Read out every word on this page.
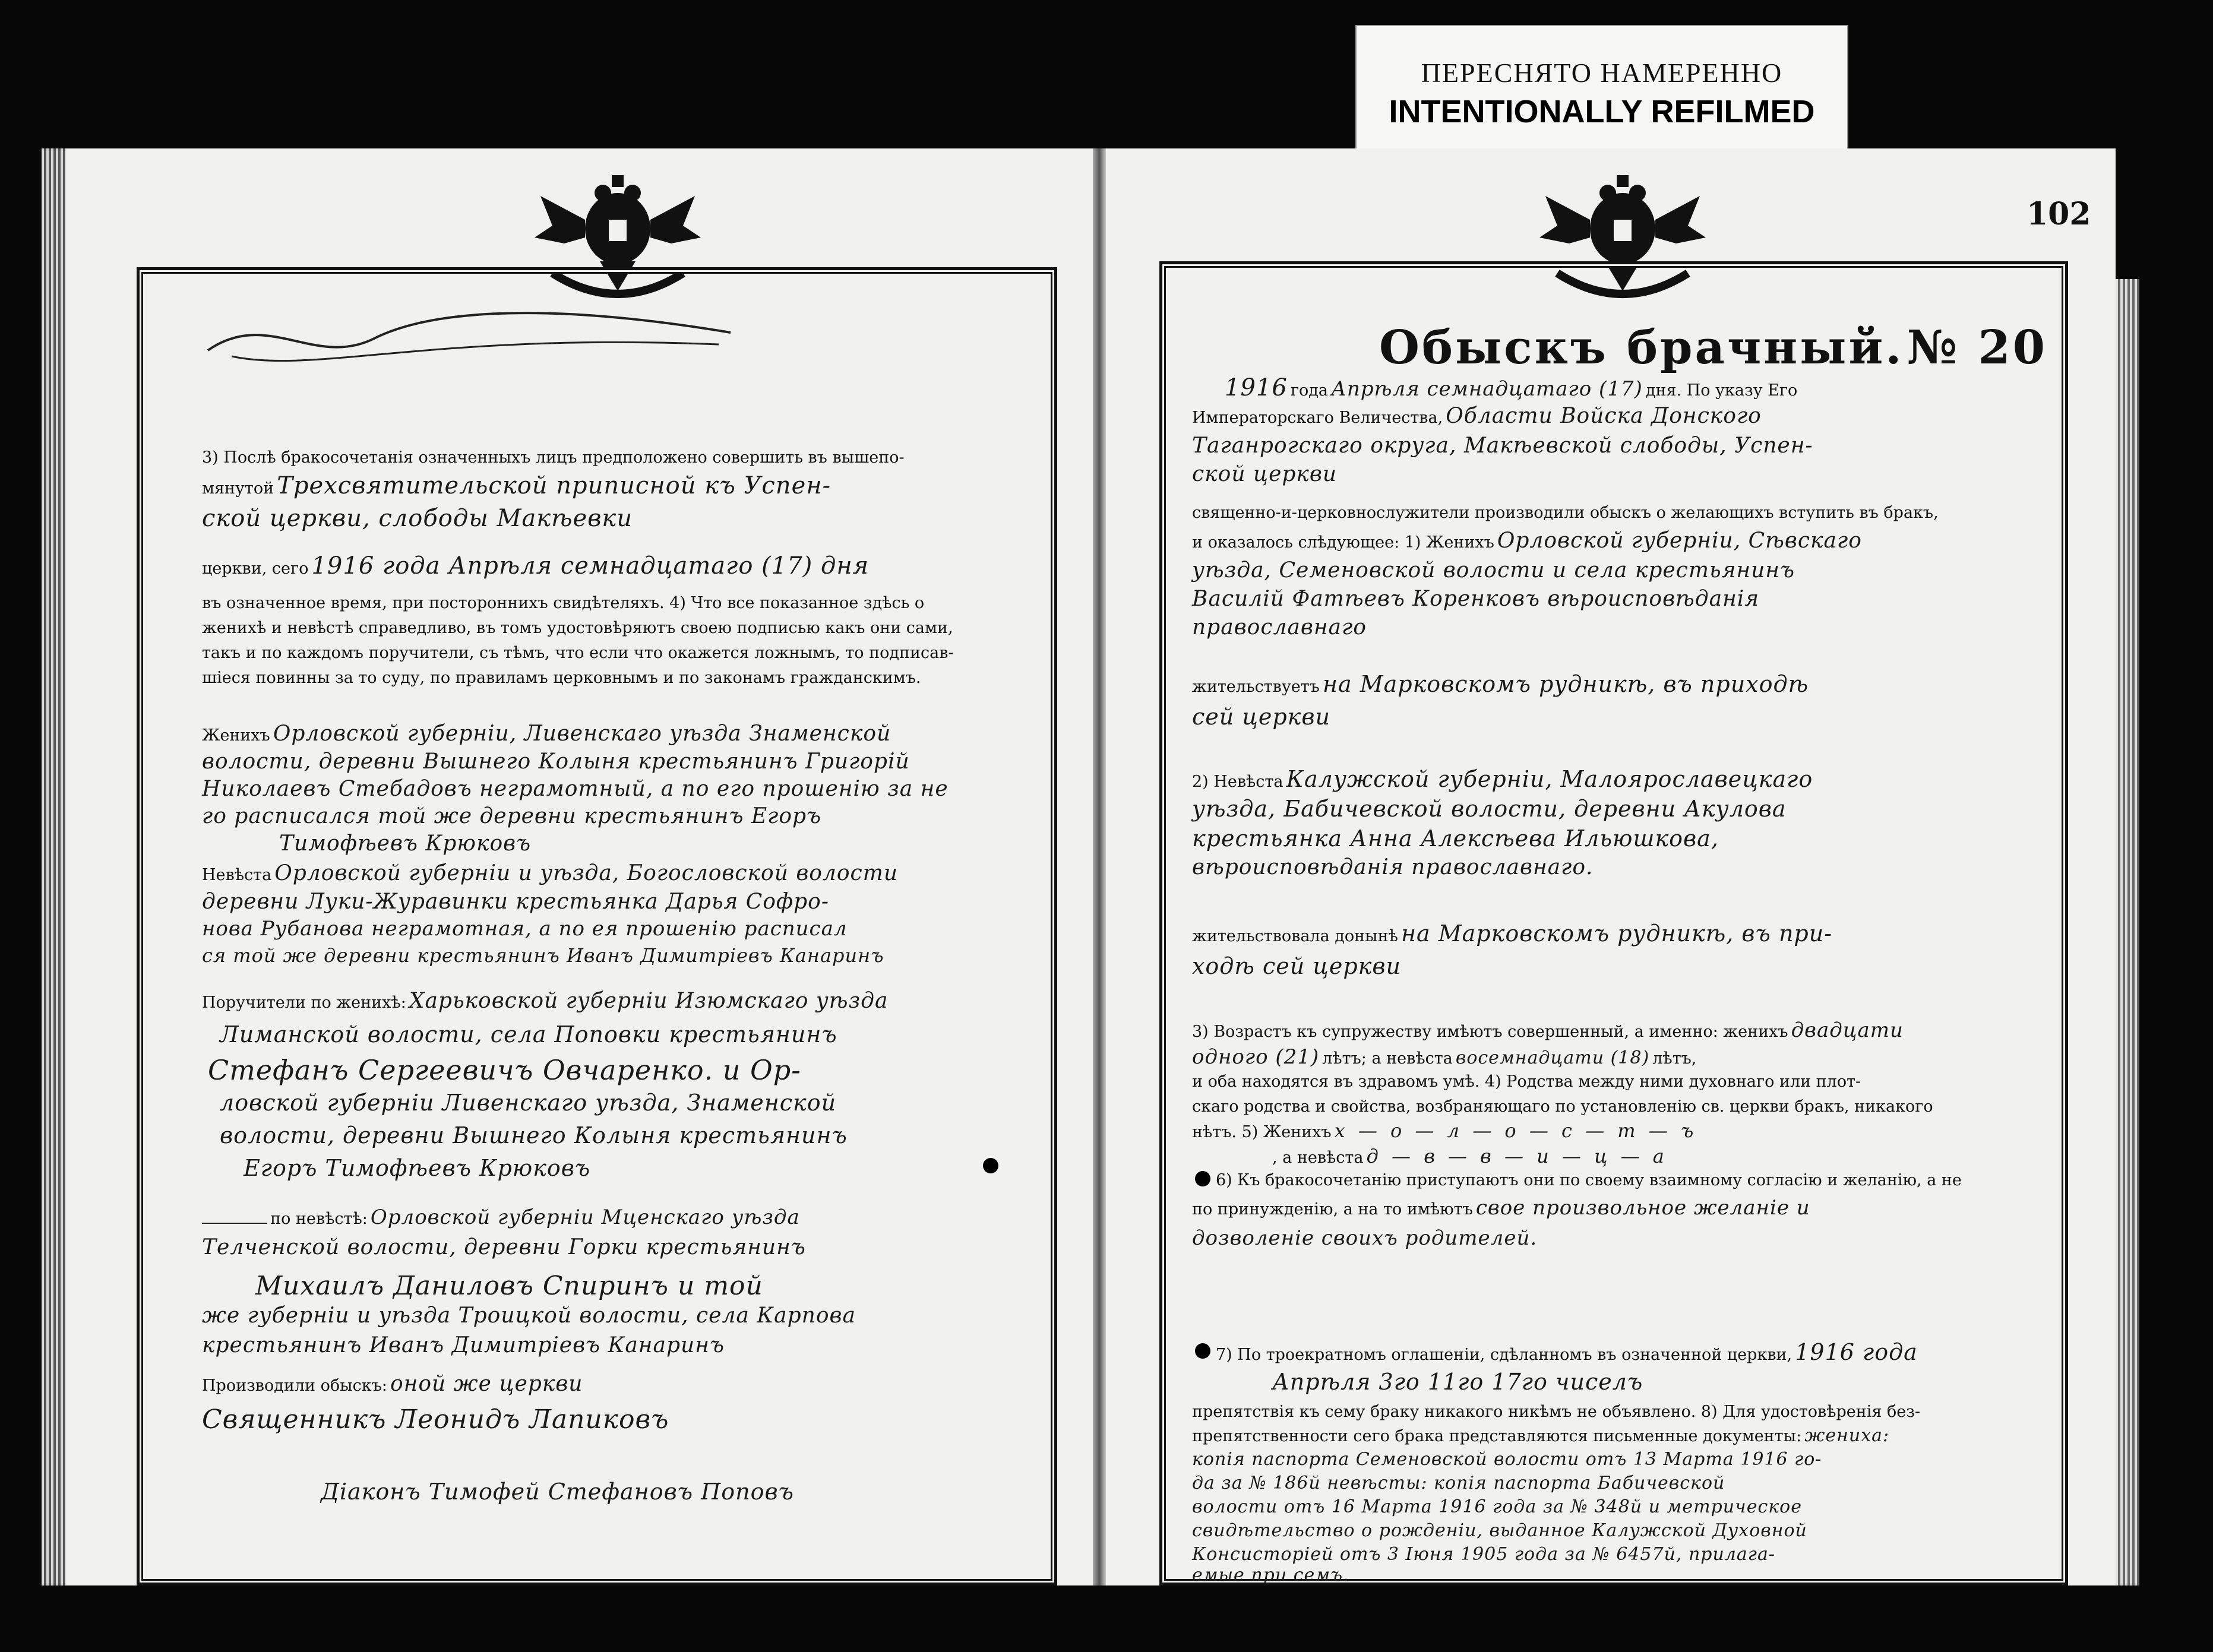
ПЕРЕСНЯТО НАМЕРЕННО
INTENTIONALLY REFILMED
3) Послѣ бракосочетанія означенныхъ лицъ предположено совершить въ вышепо-
мянутой Трехсвятительской приписной къ Успен-
ской церкви, слободы Макѣевки
церкви, сего 1916 года Апрѣля семнадцатаго (17) дня
въ означенное время, при постороннихъ свидѣтеляхъ. 4) Что все показанное здѣсь о
женихѣ и невѣстѣ справедливо, въ томъ удостовѣряютъ своею подписью какъ они сами,
такъ и по каждомъ поручители, съ тѣмъ, что если что окажется ложнымъ, то подписав-
шіеся повинны за то суду, по правиламъ церковнымъ и по законамъ гражданскимъ.
Женихъ Орловской губерніи, Ливенскаго уѣзда Знаменской
волости, деревни Вышнего Колыня крестьянинъ Григорій
Николаевъ Стебадовъ неграмотный, а по его прошенію за не
го расписался той же деревни крестьянинъ Егоръ
Тимофѣевъ Крюковъ
Невѣста Орловской губерніи и уѣзда, Богословской волости
деревни Луки-Журавинки крестьянка Дарья Софро-
нова Рубанова неграмотная, а по ея прошенію расписал
ся той же деревни крестьянинъ Иванъ Димитріевъ Канаринъ
Поручители по женихѣ: Харьковской губерніи Изюмскаго уѣзда
Лиманской волости, села Поповки крестьянинъ
Стефанъ Сергеевичъ Овчаренко. и Ор-
ловской губерніи Ливенскаго уѣзда, Знаменской
волости, деревни Вышнего Колыня крестьянинъ
Егоръ Тимофѣевъ Крюковъ
по невѣстѣ: Орловской губерніи Мценскаго уѣзда
Телченской волости, деревни Горки крестьянинъ
Михаилъ Даниловъ Спиринъ и той
же губерніи и уѣзда Троицкой волости, села Карпова
крестьянинъ Иванъ Димитріевъ Канаринъ
Производили обыскъ: оной же церкви
Священникъ Леонидъ Лапиковъ
Діаконъ Тимофей Стефановъ Поповъ
102
Обыскъ брачный. № 20
1916 года Апрѣля семнадцатаго (17) дня. По указу Его
Императорскаго Величества, Области Войска Донского
Таганрогскаго округа, Макѣевской слободы, Успен-
ской церкви
священно-и-церковнослужители производили обыскъ о желающихъ вступить въ бракъ,
и оказалось слѣдующее: 1) Женихъ Орловской губерніи, Сѣвскаго
уѣзда, Семеновской волости и села крестьянинъ
Василій Фатѣевъ Коренковъ вѣроисповѣданія
православнаго
жительствуетъ на Марковскомъ рудникѣ, въ приходѣ
сей церкви
2) Невѣста Калужской губерніи, Малоярославецкаго
уѣзда, Бабичевской волости, деревни Акулова
крестьянка Анна Алексѣева Ильюшкова,
вѣроисповѣданія православнаго.
жительствовала донынѣ на Марковскомъ рудникѣ, въ при-
ходѣ сей церкви
3) Возрастъ къ супружеству имѣютъ совершенный, а именно: женихъ двадцати
одного (21) лѣтъ; а невѣста восемнадцати (18) лѣтъ,
и оба находятся въ здравомъ умѣ. 4) Родства между ними духовнаго или плот-
скаго родства и свойства, возбраняющаго по установленію св. церкви бракъ, никакого
нѣтъ. 5) Женихъ х — о — л — о — с — т — ъ
, а невѣста д — в — в — и — ц — а
6) Къ бракосочетанію приступаютъ они по своему взаимному согласію и желанію, а не
по принужденію, а на то имѣютъ свое произвольное желаніе и
дозволеніе своихъ родителей.
7) По троекратномъ оглашеніи, сдѣланномъ въ означенной церкви, 1916 года
Апрѣля 3го 11го 17го чиселъ
препятствія къ сему браку никакого никѣмъ не объявлено. 8) Для удостовѣренія без-
препятственности сего брака представляются письменные документы: жениха:
копія паспорта Семеновской волости отъ 13 Марта 1916 го-
да за № 186й невѣсты: копія паспорта Бабичевской
волости отъ 16 Марта 1916 года за № 348й и метрическое
свидѣтельство о рожденіи, выданное Калужской Духовной
Консисторіей отъ 3 Іюня 1905 года за № 6457й, прилага-
емые при семъ.
